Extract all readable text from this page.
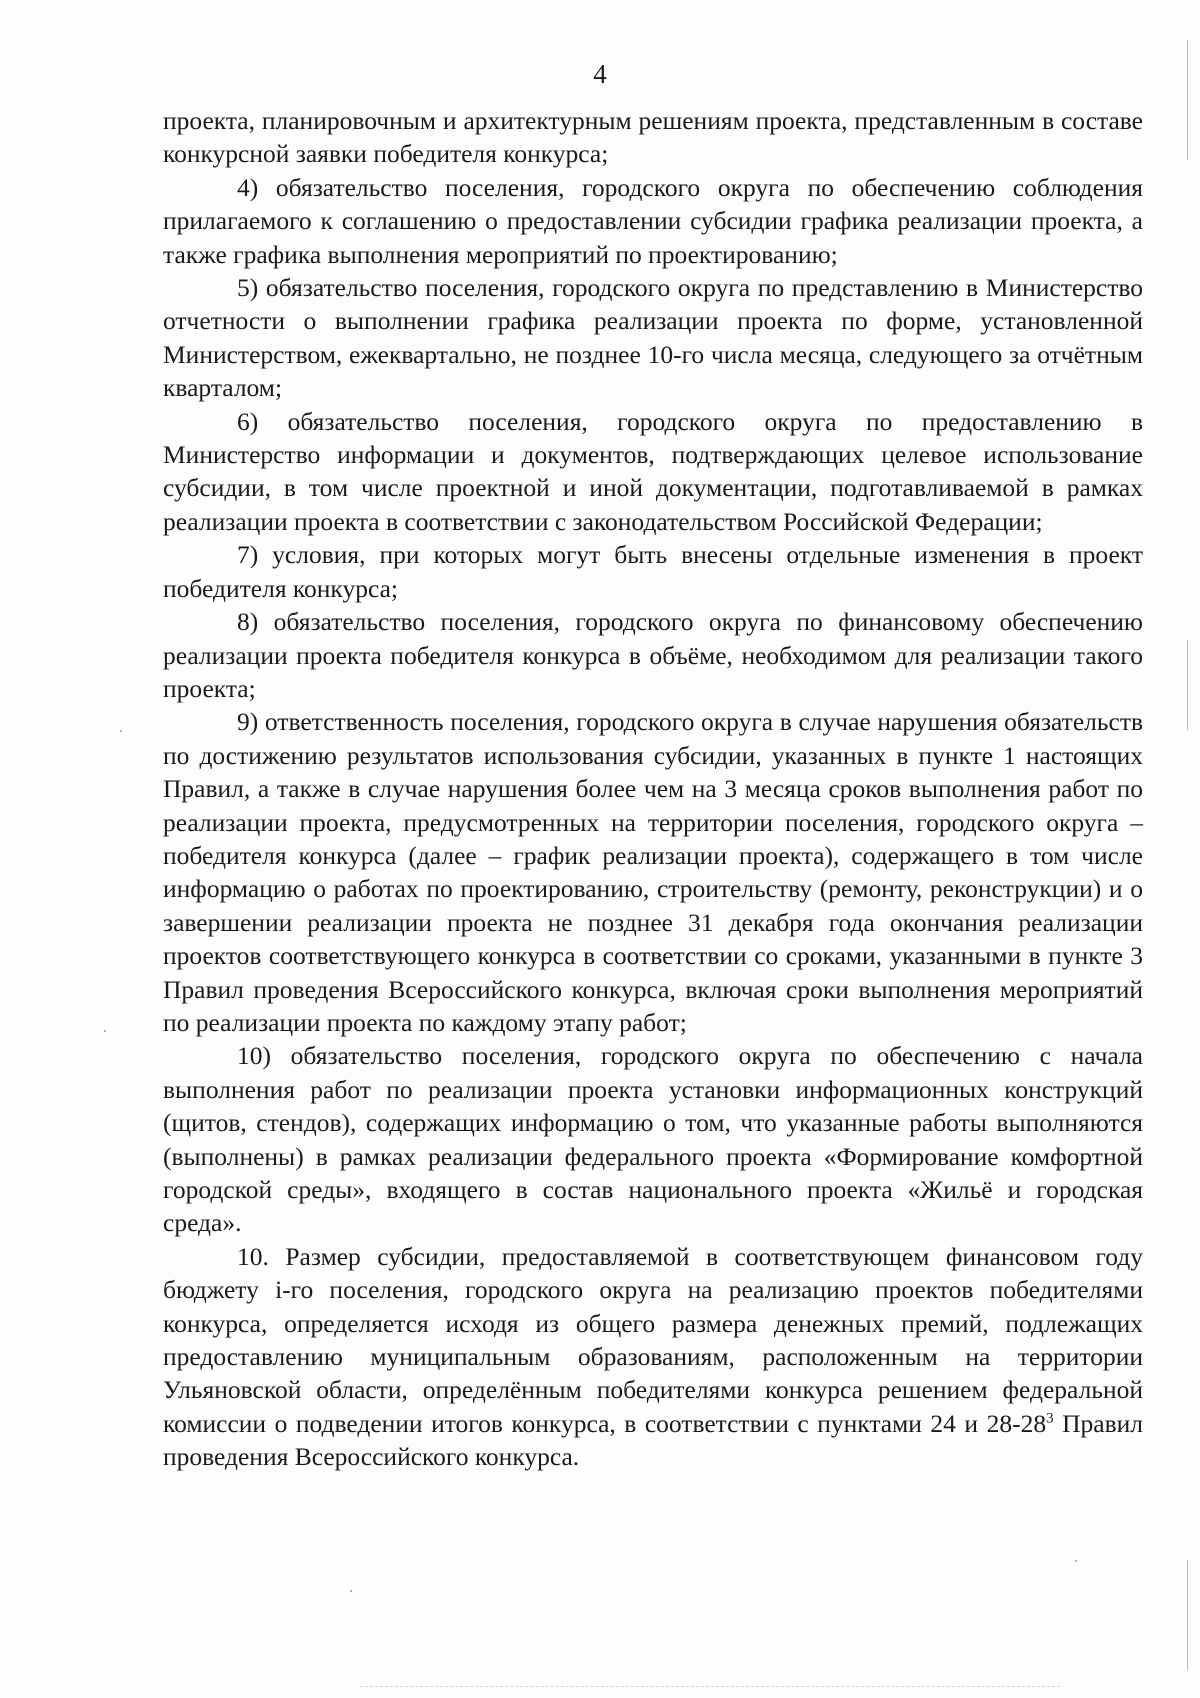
4

проекта, планировочным и архитектурным решениям проекта, представленным в составе конкурсной заявки победителя конкурса;

4) обязательство поселения, городского округа по обеспечению соблюдения прилагаемого к соглашению о предоставлении субсидии графика реализации проекта, а также графика выполнения мероприятий по проектированию;

5) обязательство поселения, городского округа по представлению в Министерство отчетности о выполнении графика реализации проекта по форме, установленной Министерством, ежеквартально, не позднее 10-го числа месяца, следующего за отчётным кварталом;

6) обязательство поселения, городского округа по предоставлению в Министерство информации и документов, подтверждающих целевое использование субсидии, в том числе проектной и иной документации, подготавливаемой в рамках реализации проекта в соответствии с законодательством Российской Федерации;

7) условия, при которых могут быть внесены отдельные изменения в проект победителя конкурса;

8) обязательство поселения, городского округа по финансовому обеспечению реализации проекта победителя конкурса в объёме, необходимом для реализации такого проекта;

9) ответственность поселения, городского округа в случае нарушения обязательств по достижению результатов использования субсидии, указанных в пункте 1 настоящих Правил, а также в случае нарушения более чем на 3 месяца сроков выполнения работ по реализации проекта, предусмотренных на территории поселения, городского округа – победителя конкурса (далее – график реализации проекта), содержащего в том числе информацию о работах по проектированию, строительству (ремонту, реконструкции) и о завершении реализации проекта не позднее 31 декабря года окончания реализации проектов соответствующего конкурса в соответствии со сроками, указанными в пункте 3 Правил проведения Всероссийского конкурса, включая сроки выполнения мероприятий по реализации проекта по каждому этапу работ;

10) обязательство поселения, городского округа по обеспечению с начала выполнения работ по реализации проекта установки информационных конструкций (щитов, стендов), содержащих информацию о том, что указанные работы выполняются (выполнены) в рамках реализации федерального проекта «Формирование комфортной городской среды», входящего в состав национального проекта «Жильё и городская среда».

10. Размер субсидии, предоставляемой в соответствующем финансовом году бюджету i-го поселения, городского округа на реализацию проектов победителями конкурса, определяется исходя из общего размера денежных премий, подлежащих предоставлению муниципальным образованиям, расположенным на территории Ульяновской области, определённым победителями конкурса решением федеральной комиссии о подведении итогов конкурса, в соответствии с пунктами 24 и $28-28^3$ Правил проведения Всероссийского конкурса.
